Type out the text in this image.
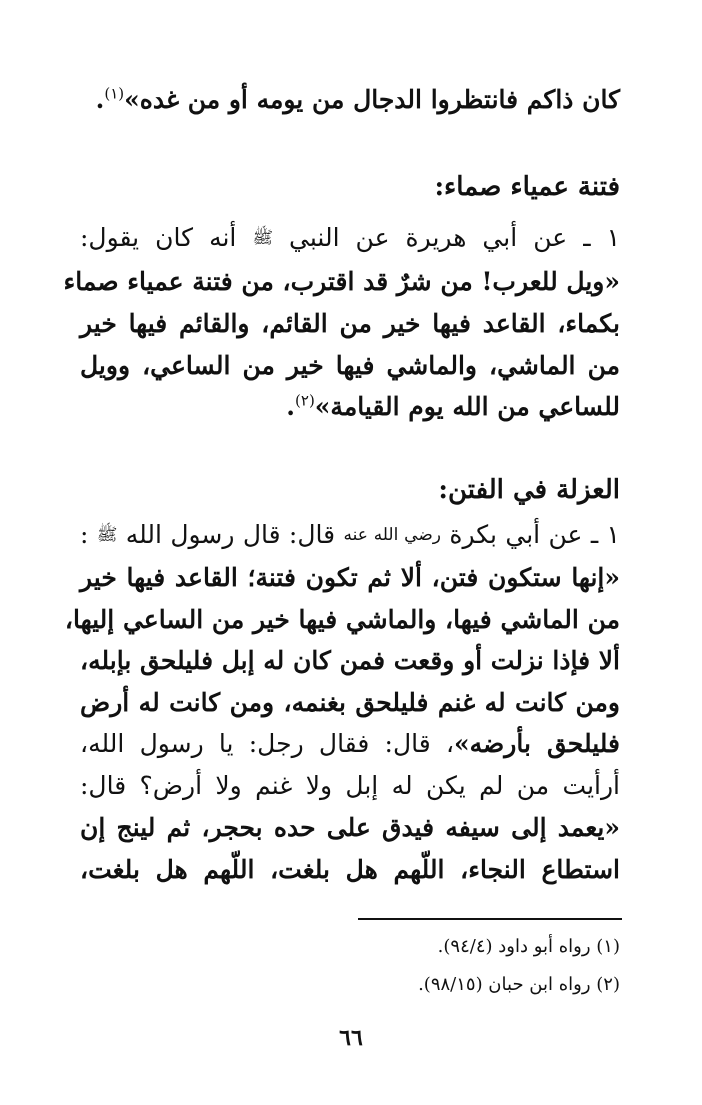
كان ذاكم فانتظروا الدجال من يومه أو من غده»$^{(١)}$.
فتنة عمياء صماء:
١ ـ عن أبي هريرة عن النبي $^ﷺ$ أنه كان يقول:
«ويل للعرب! من شرٌ قد اقترب، من فتنة عمياء صماء
بكماء، القاعد فيها خير من القائم، والقائم فيها خير
من الماشي، والماشي فيها خير من الساعي، وويل
للساعي من الله يوم القيامة»$^{(٢)}$.
العزلة في الفتن:
١ ـ عن أبي بكرة $^{رضي الله عنه}$ قال: قال رسول الله $^ﷺ$ :
«إنها ستكون فتن، ألا ثم تكون فتنة؛ القاعد فيها خير
من الماشي فيها، والماشي فيها خير من الساعي إليها،
ألا فإذا نزلت أو وقعت فمن كان له إبل فليلحق بإبله،
ومن كانت له غنم فليلحق بغنمه، ومن كانت له أرض
فليلحق بأرضه»، قال: فقال رجل: يا رسول الله،
أرأيت من لم يكن له إبل ولا غنم ولا أرض؟ قال:
«يعمد إلى سيفه فيدق على حده بحجر، ثم لينج إن
استطاع النجاء، اللّهم هل بلغت، اللّهم هل بلغت،
(١) رواه أبو داود (٩٤/٤).
(٢) رواه ابن حبان (٩٨/١٥).
٦٦
